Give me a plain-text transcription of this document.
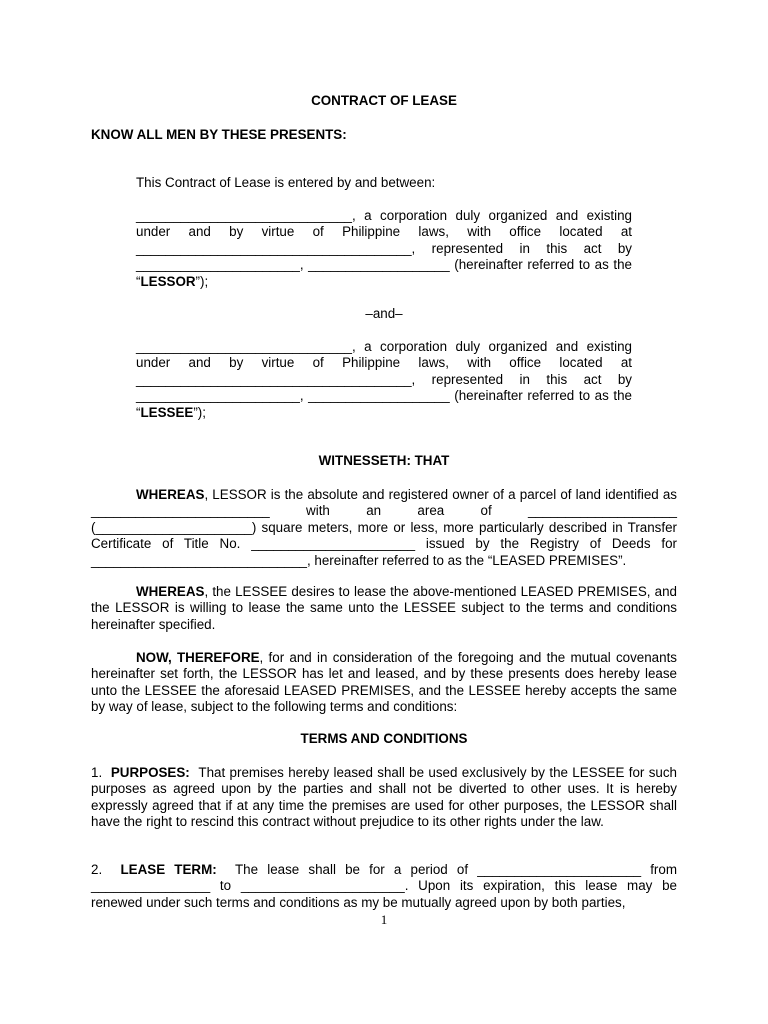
CONTRACT OF LEASE
KNOW ALL MEN BY THESE PRESENTS:
This Contract of Lease is entered by and between:

_____________________________, a corporation duly organized and existing under and by virtue of Philippine laws, with office located at _____________________________________, represented in this act by ______________________, ___________________ (hereinafter referred to as the “LESSOR”);

–and–

_____________________________, a corporation duly organized and existing under and by virtue of Philippine laws, with office located at _____________________________________, represented in this act by ______________________, ___________________ (hereinafter referred to as the “LESSEE”);

WITNESSETH: THAT

WHEREAS, LESSOR is the absolute and registered owner of a parcel of land identified as ________________________ with an area of ____________________ (_____________________) square meters, more or less, more particularly described in Transfer Certificate of Title No. ______________________ issued by the Registry of Deeds for _____________________________, hereinafter referred to as the “LEASED PREMISES”.

WHEREAS, the LESSEE desires to lease the above-mentioned LEASED PREMISES, and the LESSOR is willing to lease the same unto the LESSEE subject to the terms and conditions hereinafter specified.

NOW, THEREFORE, for and in consideration of the foregoing and the mutual covenants hereinafter set forth, the LESSOR has let and leased, and by these presents does hereby lease unto the LESSEE the aforesaid LEASED PREMISES, and the LESSEE hereby accepts the same by way of lease, subject to the following terms and conditions:

TERMS AND CONDITIONS

1. PURPOSES: That premises hereby leased shall be used exclusively by the LESSEE for such purposes as agreed upon by the parties and shall not be diverted to other uses. It is hereby expressly agreed that if at any time the premises are used for other purposes, the LESSOR shall have the right to rescind this contract without prejudice to its other rights under the law.

2. LEASE TERM: The lease shall be for a period of ______________________ from ________________ to ______________________. Upon its expiration, this lease may be renewed under such terms and conditions as my be mutually agreed upon by both parties,

1
